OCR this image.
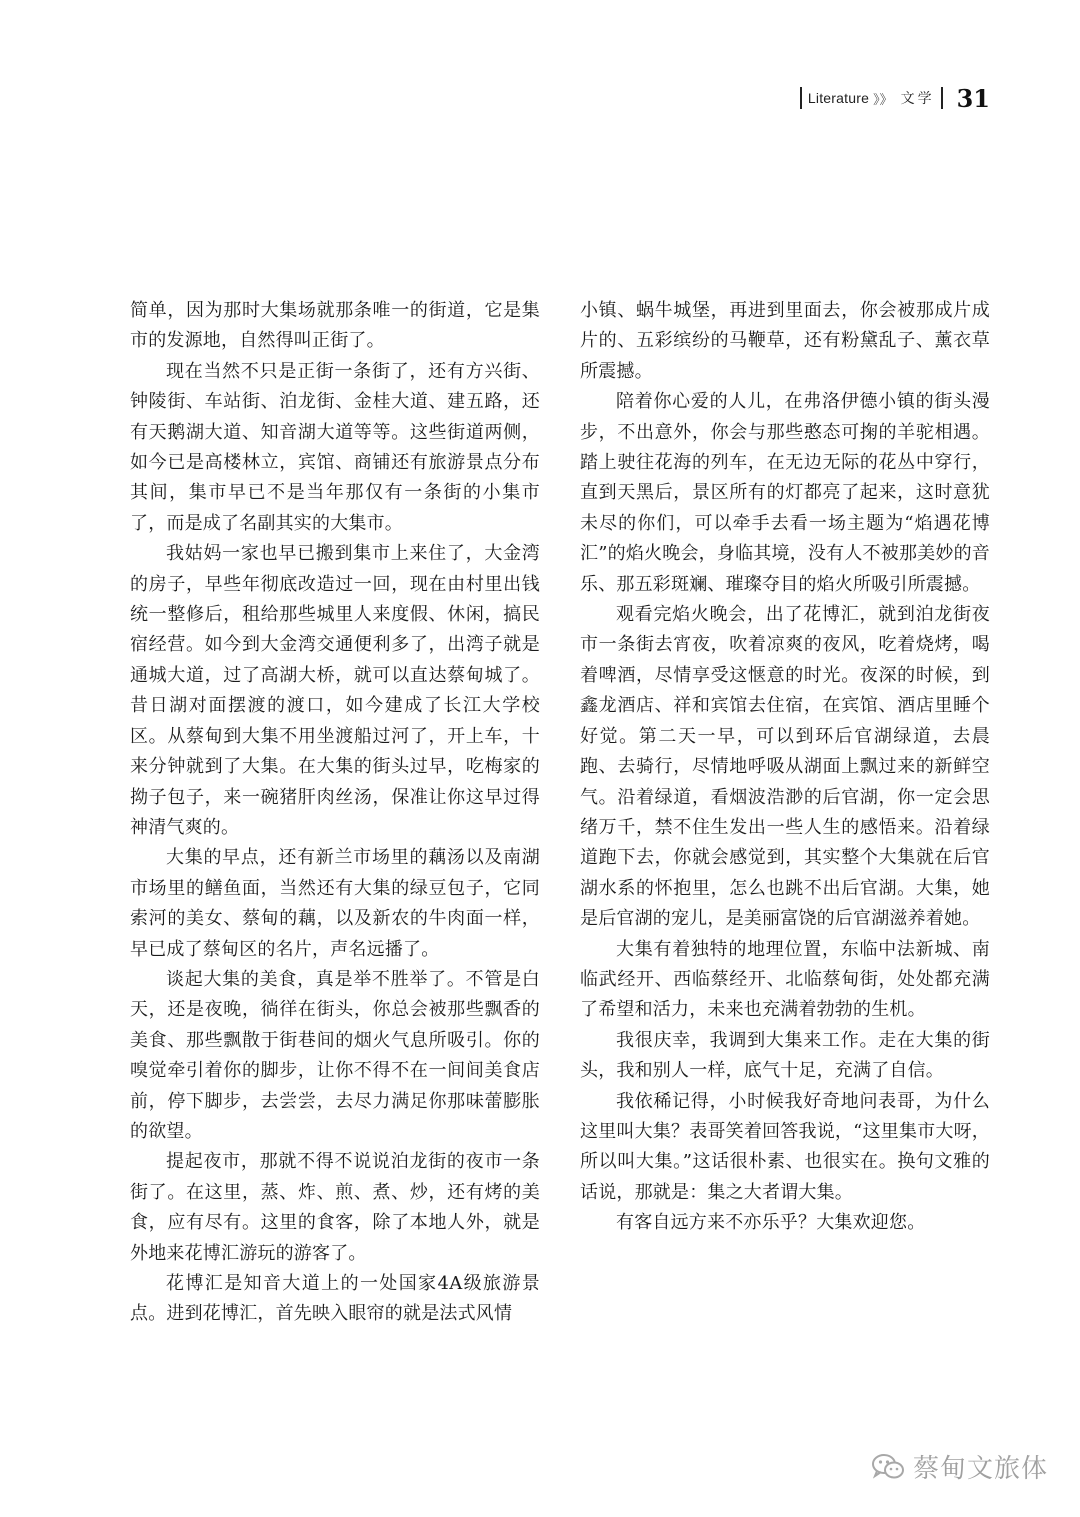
Literature 》》 文学 31

简单，因为那时大集场就那条唯一的街道，它是集市的发源地，自然得叫正街了。

现在当然不只是正街一条街了，还有方兴街、钟陵街、车站街、泊龙街、金桂大道、建五路，还有天鹅湖大道、知音湖大道等等。这些街道两侧，如今已是高楼林立，宾馆、商铺还有旅游景点分布其间，集市早已不是当年那仅有一条街的小集市了，而是成了名副其实的大集市。

我姑妈一家也早已搬到集市上来住了，大金湾的房子，早些年彻底改造过一回，现在由村里出钱统一整修后，租给那些城里人来度假、休闲，搞民宿经营。如今到大金湾交通便利多了，出湾子就是通城大道，过了高湖大桥，就可以直达蔡甸城了。昔日湖对面摆渡的渡口，如今建成了长江大学校区。从蔡甸到大集不用坐渡船过河了，开上车，十来分钟就到了大集。在大集的街头过早，吃梅家的拗子包子，来一碗猪肝肉丝汤，保准让你这早过得神清气爽的。

大集的早点，还有新兰市场里的藕汤以及南湖市场里的鳝鱼面，当然还有大集的绿豆包子，它同索河的美女、蔡甸的藕，以及新农的牛肉面一样，早已成了蔡甸区的名片，声名远播了。

谈起大集的美食，真是举不胜举了。不管是白天，还是夜晚，徜徉在街头，你总会被那些飘香的美食、那些飘散于街巷间的烟火气息所吸引。你的嗅觉牵引着你的脚步，让你不得不在一间间美食店前，停下脚步，去尝尝，去尽力满足你那味蕾膨胀的欲望。

提起夜市，那就不得不说说泊龙街的夜市一条街了。在这里，蒸、炸、煎、煮、炒，还有烤的美食，应有尽有。这里的食客，除了本地人外，就是外地来花博汇游玩的游客了。

花博汇是知音大道上的一处国家4A级旅游景点。进到花博汇，首先映入眼帘的就是法式风情

小镇、蜗牛城堡，再进到里面去，你会被那成片成片的、五彩缤纷的马鞭草，还有粉黛乱子、薰衣草所震撼。

陪着你心爱的人儿，在弗洛伊德小镇的街头漫步，不出意外，你会与那些憨态可掬的羊驼相遇。踏上驶往花海的列车，在无边无际的花丛中穿行，直到天黑后，景区所有的灯都亮了起来，这时意犹未尽的你们，可以牵手去看一场主题为“焰遇花博汇”的焰火晚会，身临其境，没有人不被那美妙的音乐、那五彩斑斓、璀璨夺目的焰火所吸引所震撼。

观看完焰火晚会，出了花博汇，就到泊龙街夜市一条街去宵夜，吹着凉爽的夜风，吃着烧烤，喝着啤酒，尽情享受这惬意的时光。夜深的时候，到鑫龙酒店、祥和宾馆去住宿，在宾馆、酒店里睡个好觉。第二天一早，可以到环后官湖绿道，去晨跑、去骑行，尽情地呼吸从湖面上飘过来的新鲜空气。沿着绿道，看烟波浩渺的后官湖，你一定会思绪万千，禁不住生发出一些人生的感悟来。沿着绿道跑下去，你就会感觉到，其实整个大集就在后官湖水系的怀抱里，怎么也跳不出后官湖。大集，她是后官湖的宠儿，是美丽富饶的后官湖滋养着她。

大集有着独特的地理位置，东临中法新城、南临武经开、西临蔡经开、北临蔡甸街，处处都充满了希望和活力，未来也充满着勃勃的生机。

我很庆幸，我调到大集来工作。走在大集的街头，我和别人一样，底气十足，充满了自信。

我依稀记得，小时候我好奇地问表哥，为什么这里叫大集？表哥笑着回答我说，“这里集市大呀，所以叫大集。”这话很朴素、也很实在。换句文雅的话说，那就是：集之大者谓大集。

有客自远方来不亦乐乎？大集欢迎您。

蔡甸文旅体
